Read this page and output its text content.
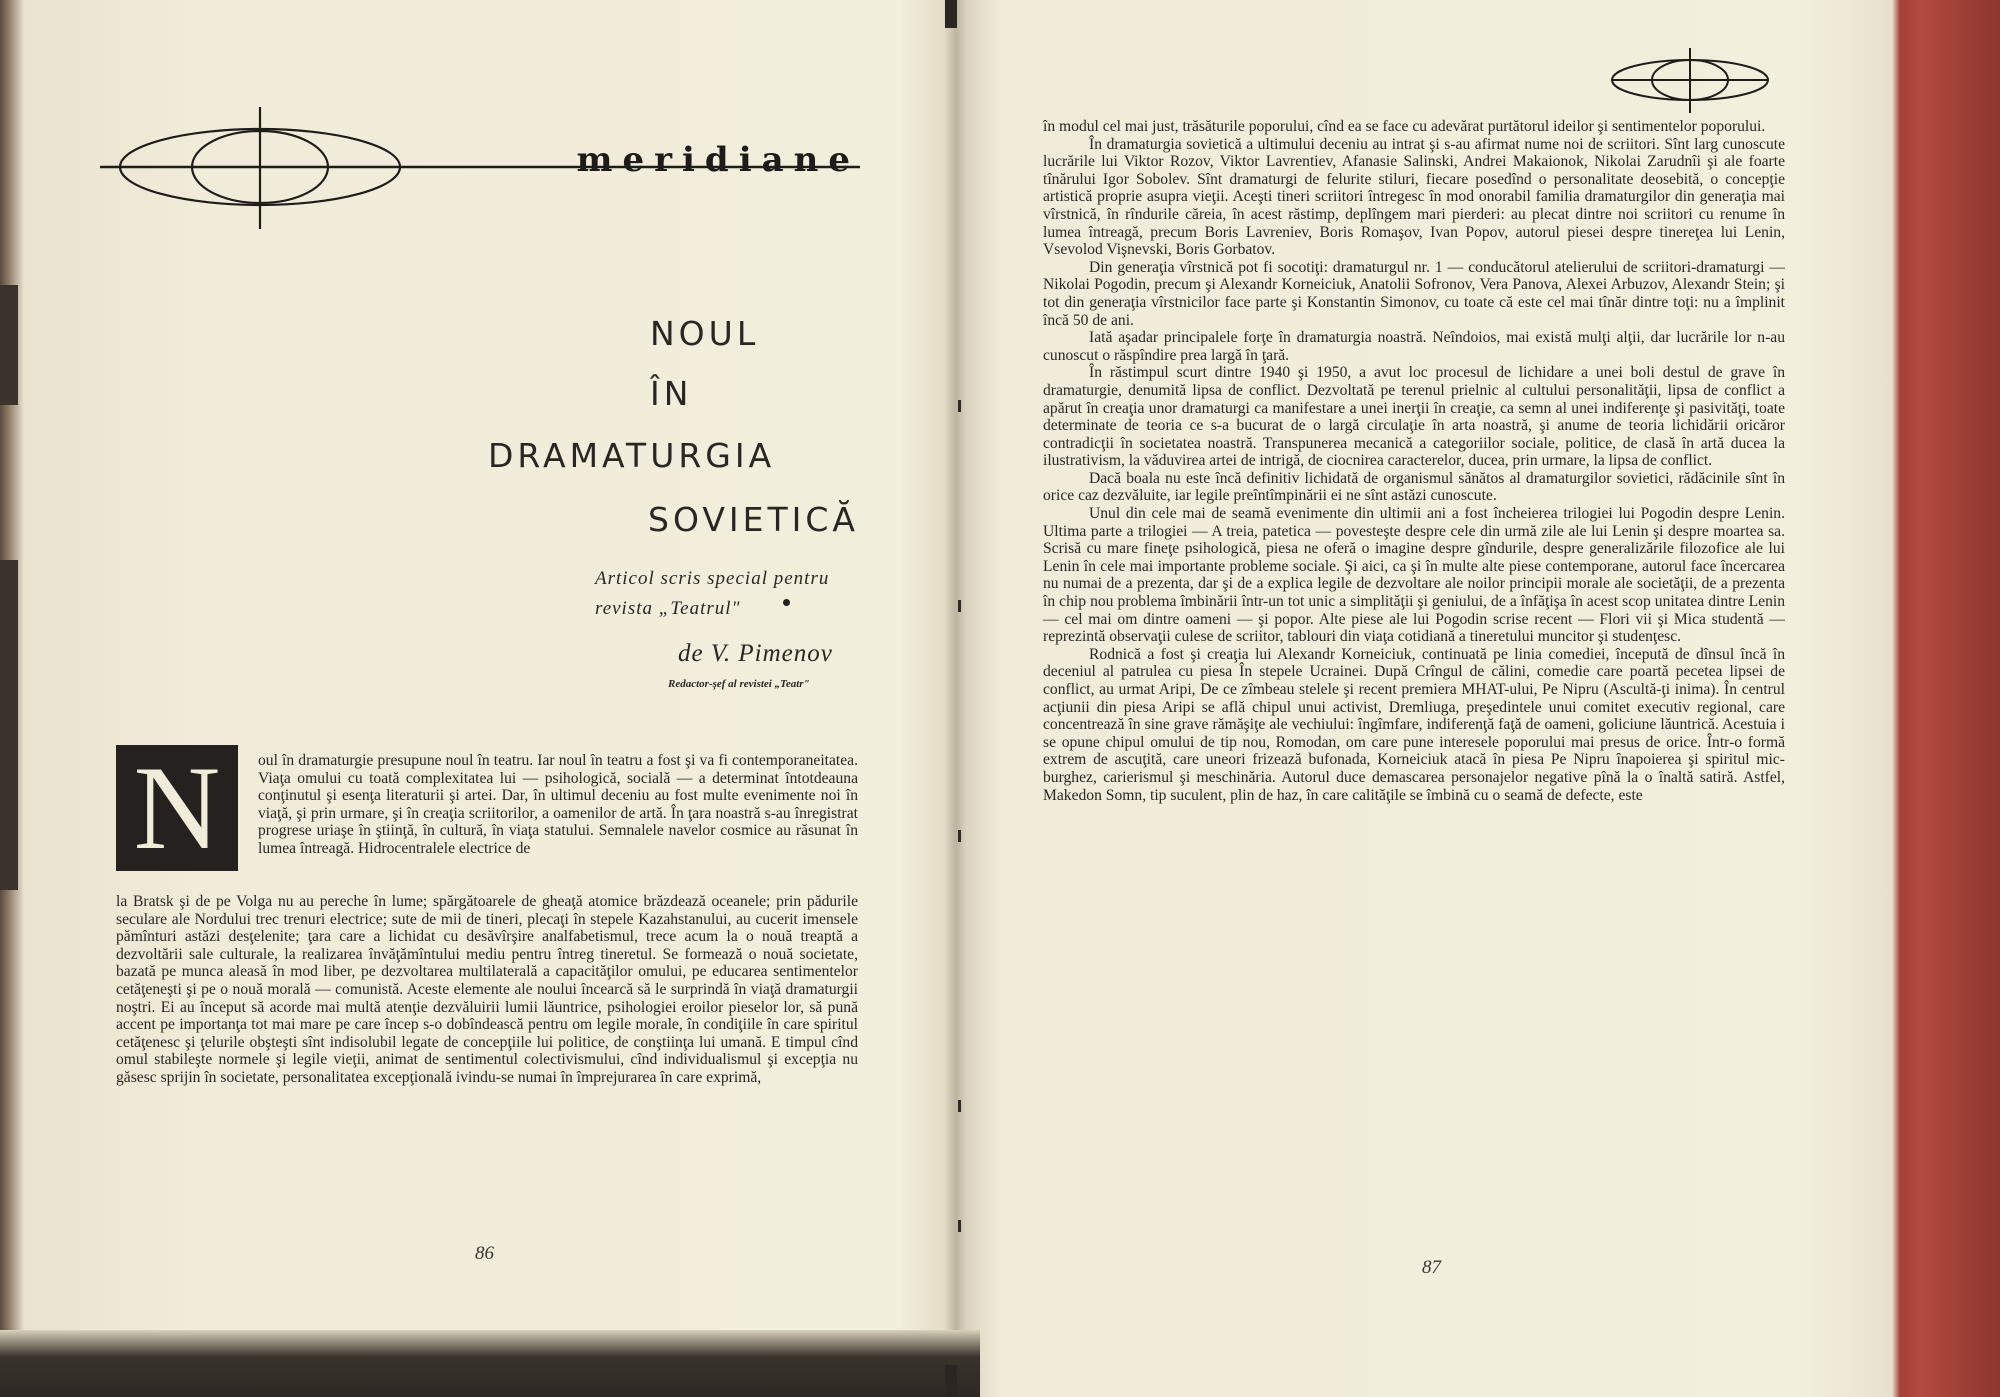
meridiane
NOUL
ÎN
DRAMATURGIA
SOVIETICĂ
Articol scris special pentru
revista „Teatrul"
de V. Pimenov
Redactor-şef al revistei „Teatr"
N	oul în dramaturgie presupune noul în teatru. Iar noul în teatru a fost şi va fi contemporaneitatea. Viaţa omului cu toată complexitatea lui — psihologică, socială — a determinat întotdeauna conţinutul şi esenţa literaturii şi artei. Dar, în ultimul deceniu au fost multe evenimente noi în viaţă, şi prin urmare, şi în creaţia scriitorilor, a oamenilor de artă. În ţara noastră s-au înregistrat progrese uriaşe în ştiinţă, în cultură, în viaţa statului. Semnalele navelor cosmice au răsunat în lumea întreagă. Hidrocentralele electrice de
la Bratsk şi de pe Volga nu au pereche în lume; spărgătoarele de gheaţă atomice brăzdează oceanele; prin pădurile seculare ale Nordului trec trenuri electrice; sute de mii de tineri, plecaţi în stepele Kazahstanului, au cucerit imensele pămînturi astăzi desţelenite; ţara care a lichidat cu desăvîrşire analfabetismul, trece acum la o nouă treaptă a dezvoltării sale culturale, la realizarea învăţămîntului mediu pentru întreg tineretul. Se formează o nouă societate, bazată pe munca aleasă în mod liber, pe dezvoltarea multilaterală a capacităţilor omului, pe educarea sentimentelor cetăţeneşti şi pe o nouă morală — comunistă. Aceste elemente ale noului încearcă să le surprindă în viaţă dramaturgii noştri. Ei au început să acorde mai multă atenţie dezvăluirii lumii lăuntrice, psihologiei eroilor pieselor lor, să pună accent pe importanţa tot mai mare pe care încep s-o dobîndească pentru om legile morale, în condiţiile în care spiritul cetăţenesc şi ţelurile obşteşti sînt indisolubil legate de concepţiile lui politice, de conştiinţa lui umană. E timpul cînd omul stabileşte normele şi legile vieţii, animat de sentimentul colectivismului, cînd individualismul şi excepţia nu găsesc sprijin în societate, personalitatea excepţională ivindu-se numai în împrejurarea în care exprimă,
86

în modul cel mai just, trăsăturile poporului, cînd ea se face cu adevărat purtătorul ideilor şi sentimentelor poporului.

În dramaturgia sovietică a ultimului deceniu au intrat şi s-au afirmat nume noi de scriitori. Sînt larg cunoscute lucrările lui Viktor Rozov, Viktor Lavrentiev, Afanasie Salinski, Andrei Makaionok, Nikolai Zarudnîi şi ale foarte tînărului Igor Sobolev. Sînt dramaturgi de felurite stiluri, fiecare posedînd o personalitate deosebită, o concepţie artistică proprie asupra vieţii. Aceşti tineri scriitori întregesc în mod onorabil familia dramaturgilor din generaţia mai vîrstnică, în rîndurile căreia, în acest răstimp, deplîngem mari pierderi: au plecat dintre noi scriitori cu renume în lumea întreagă, precum Boris Lavreniev, Boris Romaşov, Ivan Popov, autorul piesei despre tinereţea lui Lenin, Vsevolod Vişnevski, Boris Gorbatov.

Din generaţia vîrstnică pot fi socotiţi: dramaturgul nr. 1 — conducătorul atelierului de scriitori-dramaturgi — Nikolai Pogodin, precum şi Alexandr Korneiciuk, Anatolii Sofronov, Vera Panova, Alexei Arbuzov, Alexandr Stein; şi tot din generaţia vîrstnicilor face parte şi Konstantin Simonov, cu toate că este cel mai tînăr dintre toţi: nu a împlinit încă 50 de ani.

Iată aşadar principalele forţe în dramaturgia noastră. Neîndoios, mai există mulţi alţii, dar lucrările lor n-au cunoscut o răspîndire prea largă în ţară.

În răstimpul scurt dintre 1940 şi 1950, a avut loc procesul de lichidare a unei boli destul de grave în dramaturgie, denumită lipsa de conflict. Dezvoltată pe terenul prielnic al cultului personalităţii, lipsa de conflict a apărut în creaţia unor dramaturgi ca manifestare a unei inerţii în creaţie, ca semn al unei indiferenţe şi pasivităţi, toate determinate de teoria ce s-a bucurat de o largă circulaţie în arta noastră, şi anume de teoria lichidării oricăror contradicţii în societatea noastră. Transpunerea mecanică a categoriilor sociale, politice, de clasă în artă ducea la ilustrativism, la văduvirea artei de intrigă, de ciocnirea caracterelor, ducea, prin urmare, la lipsa de conflict.

Dacă boala nu este încă definitiv lichidată de organismul sănătos al dramaturgilor sovietici, rădăcinile sînt în orice caz dezvăluite, iar legile preîntîmpinării ei ne sînt astăzi cunoscute.

Unul din cele mai de seamă evenimente din ultimii ani a fost încheierea trilogiei lui Pogodin despre Lenin. Ultima parte a trilogiei — A treia, patetica — povesteşte despre cele din urmă zile ale lui Lenin şi despre moartea sa. Scrisă cu mare fineţe psihologică, piesa ne oferă o imagine despre gîndurile, despre generalizările filozofice ale lui Lenin în cele mai importante probleme sociale. Şi aici, ca şi în multe alte piese contemporane, autorul face încercarea nu numai de a prezenta, dar şi de a explica legile de dezvoltare ale noilor principii morale ale societăţii, de a prezenta în chip nou problema îmbinării într-un tot unic a simplităţii şi geniului, de a înfăţişa în acest scop unitatea dintre Lenin — cel mai om dintre oameni — şi popor. Alte piese ale lui Pogodin scrise recent — Flori vii şi Mica studentă — reprezintă observaţii culese de scriitor, tablouri din viaţa cotidiană a tineretului muncitor şi studenţesc.

Rodnică a fost şi creaţia lui Alexandr Korneiciuk, continuată pe linia comediei, începută de dînsul încă în deceniul al patrulea cu piesa În stepele Ucrainei. După Crîngul de călini, comedie care poartă pecetea lipsei de conflict, au urmat Aripi, De ce zîmbeau stelele şi recent premiera MHAT-ului, Pe Nipru (Ascultă-ţi inima). În centrul acţiunii din piesa Aripi se află chipul unui activist, Dremliuga, preşedintele unui comitet executiv regional, care concentrează în sine grave rămăşiţe ale vechiului: îngîmfare, indiferenţă faţă de oameni, goliciune lăuntrică. Acestuia i se opune chipul omului de tip nou, Romodan, om care pune interesele poporului mai presus de orice. Într-o formă extrem de ascuţită, care uneori frizează bufonada, Korneiciuk atacă în piesa Pe Nipru înapoierea şi spiritul mic-burghez, carierismul şi meschinăria. Autorul duce demascarea personajelor negative pînă la o înaltă satiră. Astfel, Makedon Somn, tip suculent, plin de haz, în care calităţile se îmbină cu o seamă de defecte, este

87
